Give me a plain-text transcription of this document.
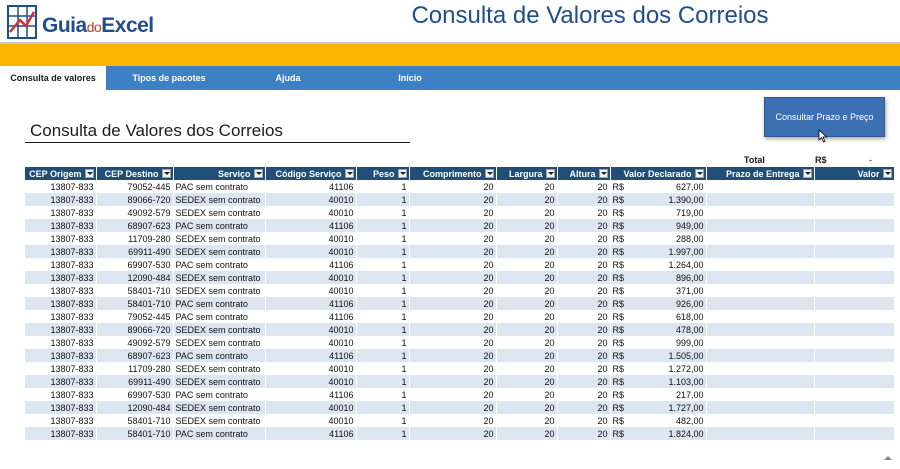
GuiadoExcel	Consulta de Valores dos Correios
Consulta de valores	Tipos de pacotes	Ajuda	Início
Consultar Prazo e Preço
Consulta de Valores dos Correios
Total	R$	-
CEP Origem	CEP Destino	Serviço	Código Serviço	Peso	Comprimento	Largura	Altura	Valor Declarado	Prazo de Entrega	Valor

13807-833	79052-445	PAC sem contrato	41106	1	20	20	20	R$ 627,00		

13807-833	89066-720	SEDEX sem contrato	40010	1	20	20	20	R$ 1.390,00		

13807-833	49092-579	SEDEX sem contrato	40010	1	20	20	20	R$ 719,00		

13807-833	68907-623	PAC sem contrato	41106	1	20	20	20	R$ 949,00		

13807-833	11709-280	SEDEX sem contrato	40010	1	20	20	20	R$ 288,00		

13807-833	69911-490	SEDEX sem contrato	40010	1	20	20	20	R$ 1.997,00		

13807-833	69907-530	PAC sem contrato	41106	1	20	20	20	R$ 1.264,00		

13807-833	12090-484	SEDEX sem contrato	40010	1	20	20	20	R$ 896,00		

13807-833	58401-710	SEDEX sem contrato	40010	1	20	20	20	R$ 371,00		

13807-833	58401-710	PAC sem contrato	41106	1	20	20	20	R$ 926,00		

13807-833	79052-445	PAC sem contrato	41106	1	20	20	20	R$ 618,00		

13807-833	89066-720	SEDEX sem contrato	40010	1	20	20	20	R$ 478,00		

13807-833	49092-579	SEDEX sem contrato	40010	1	20	20	20	R$ 999,00		

13807-833	68907-623	PAC sem contrato	41106	1	20	20	20	R$ 1.505,00		

13807-833	11709-280	SEDEX sem contrato	40010	1	20	20	20	R$ 1.272,00		

13807-833	69911-490	SEDEX sem contrato	40010	1	20	20	20	R$ 1.103,00		

13807-833	69907-530	PAC sem contrato	41106	1	20	20	20	R$ 217,00		

13807-833	12090-484	SEDEX sem contrato	40010	1	20	20	20	R$ 1.727,00		

13807-833	58401-710	SEDEX sem contrato	40010	1	20	20	20	R$ 482,00		

13807-833	58401-710	PAC sem contrato	41106	1	20	20	20	R$ 1.824,00		
